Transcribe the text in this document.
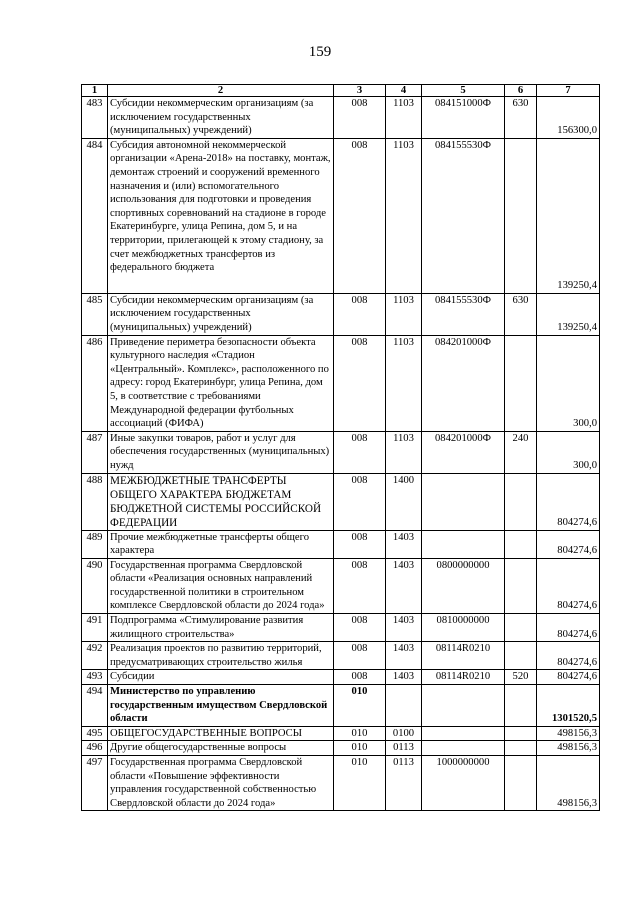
159
1	2	3	4	5	6	7
483	Субсидии некоммерческим организациям (за исключением государственных (муниципальных) учреждений)	008	1103	084151000Ф	630	156300,0
484	Субсидия автономной некоммерческой организации «Арена-2018» на поставку, монтаж, демонтаж строений и сооружений временного назначения и (или) вспомогательного использования для подготовки и проведения спортивных соревнований на стадионе в городе Екатеринбурге, улица Репина, дом 5, и на территории, прилегающей к этому стадиону, за счет межбюджетных трансфертов из федерального бюджета	008	1103	084155530Ф		139250,4
485	Субсидии некоммерческим организациям (за исключением государственных (муниципальных) учреждений)	008	1103	084155530Ф	630	139250,4
486	Приведение периметра безопасности объекта культурного наследия «Стадион «Центральный». Комплекс», расположенного по адресу: город Екатеринбург, улица Репина, дом 5, в соответствие с требованиями Международной федерации футбольных ассоциаций (ФИФА)	008	1103	084201000Ф		300,0
487	Иные закупки товаров, работ и услуг для обеспечения государственных (муниципальных) нужд	008	1103	084201000Ф	240	300,0
488	МЕЖБЮДЖЕТНЫЕ ТРАНСФЕРТЫ ОБЩЕГО ХАРАКТЕРА БЮДЖЕТАМ БЮДЖЕТНОЙ СИСТЕМЫ РОССИЙСКОЙ ФЕДЕРАЦИИ	008	1400			804274,6
489	Прочие межбюджетные трансферты общего характера	008	1403			804274,6
490	Государственная программа Свердловской области «Реализация основных направлений государственной политики в строительном комплексе Свердловской области до 2024 года»	008	1403	0800000000		804274,6
491	Подпрограмма «Стимулирование развития жилищного строительства»	008	1403	0810000000		804274,6
492	Реализация проектов по развитию территорий, предусматривающих строительство жилья	008	1403	08114R0210		804274,6
493	Субсидии	008	1403	08114R0210	520	804274,6
494	Министерство по управлению государственным имуществом Свердловской области	010				1301520,5
495	ОБЩЕГОСУДАРСТВЕННЫЕ ВОПРОСЫ	010	0100			498156,3
496	Другие общегосударственные вопросы	010	0113			498156,3
497	Государственная программа Свердловской области «Повышение эффективности управления государственной собственностью Свердловской области до 2024 года»	010	0113	1000000000		498156,3
